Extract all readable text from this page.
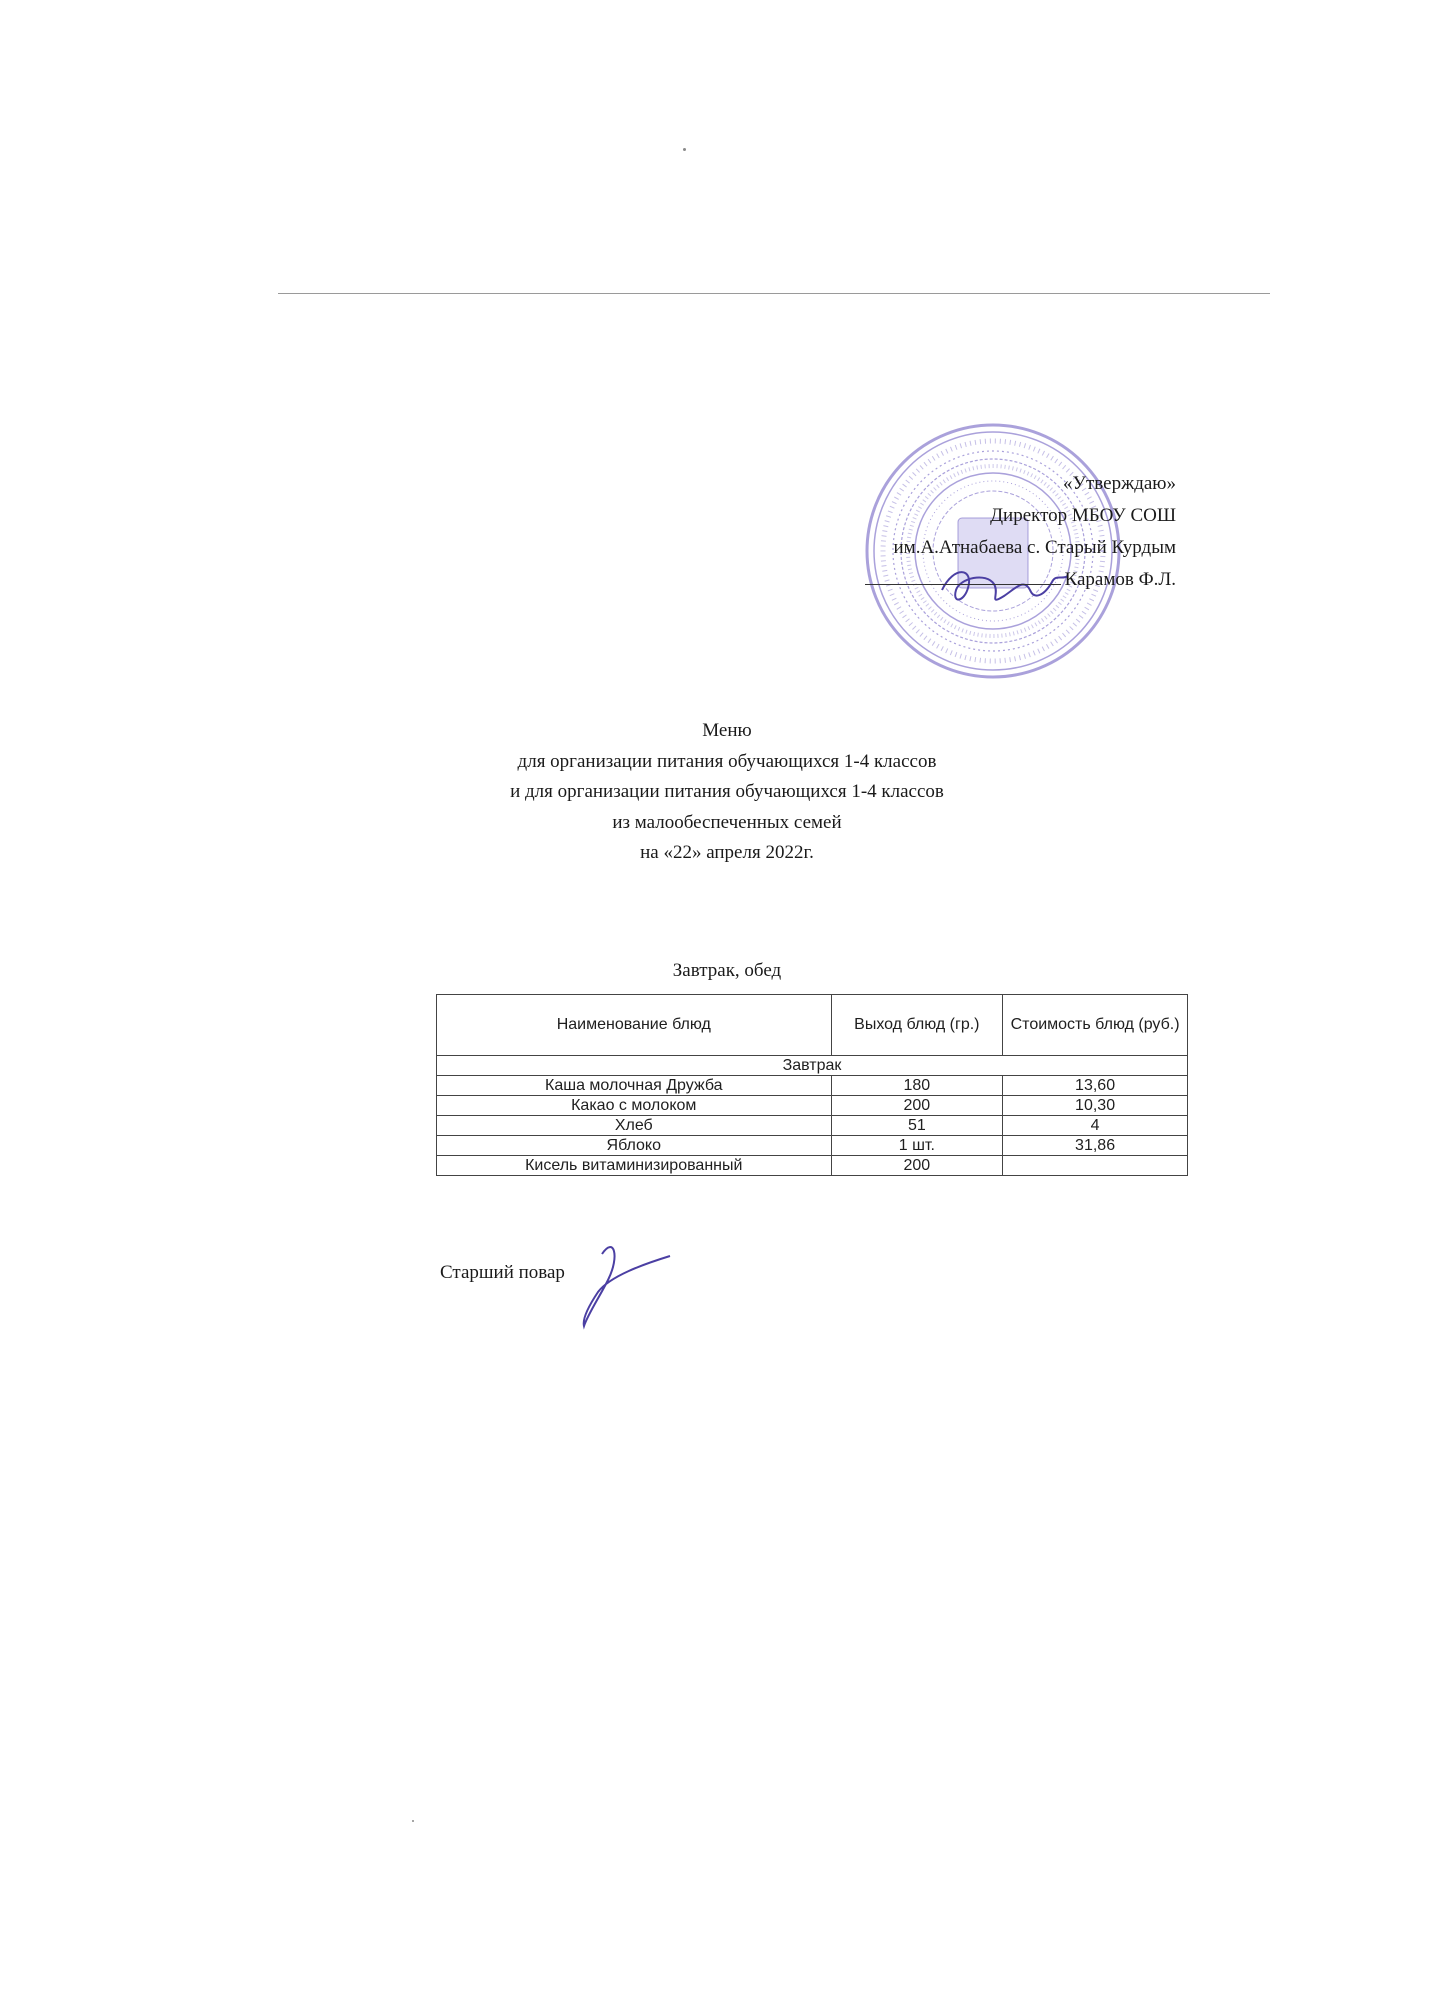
«Утверждаю»
Директор МБОУ СОШ
им.А.Атнабаева с. Старый Курдым
Карамов Ф.Л.
Меню
для организации питания обучающихся 1-4 классов
и для организации питания обучающихся 1-4 классов
из малообеспеченных семей
на «22» апреля 2022г.
Завтрак, обед
Наименование блюд	Выход блюд (гр.)	Стоимость блюд (руб.)
Завтрак		
Каша молочная Дружба	180	13,60
Какао с молоком	200	10,30
Хлеб	51	4
Яблоко	1 шт.	31,86
Кисель витаминизированный	200	
Старший повар
